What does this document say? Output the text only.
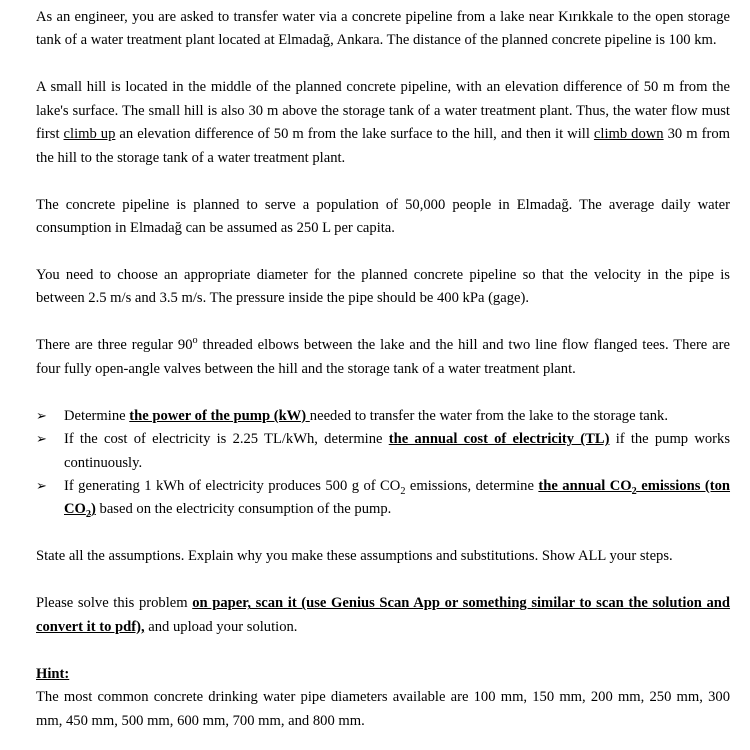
As an engineer, you are asked to transfer water via a concrete pipeline from a lake near Kırıkkale to the open storage tank of a water treatment plant located at Elmadağ, Ankara. The distance of the planned concrete pipeline is 100 km.

A small hill is located in the middle of the planned concrete pipeline, with an elevation difference of 50 m from the lake's surface. The small hill is also 30 m above the storage tank of a water treatment plant. Thus, the water flow must first climb up an elevation difference of 50 m from the lake surface to the hill, and then it will climb down 30 m from the hill to the storage tank of a water treatment plant.

The concrete pipeline is planned to serve a population of 50,000 people in Elmadağ. The average daily water consumption in Elmadağ can be assumed as 250 L per capita.

You need to choose an appropriate diameter for the planned concrete pipeline so that the velocity in the pipe is between 2.5 m/s and 3.5 m/s. The pressure inside the pipe should be 400 kPa (gage).

There are three regular 90$^o$ threaded elbows between the lake and the hill and two line flow flanged tees. There are four fully open-angle valves between the hill and the storage tank of a water treatment plant.

➢ Determine the power of the pump (kW) needed to transfer the water from the lake to the storage tank.
➢ If the cost of electricity is 2.25 TL/kWh, determine the annual cost of electricity (TL) if the pump works continuously.
➢ If generating 1 kWh of electricity produces 500 g of $CO_2$ emissions, determine the annual $CO_2$ emissions (ton $CO_2$) based on the electricity consumption of the pump.

State all the assumptions. Explain why you make these assumptions and substitutions. Show ALL your steps.

Please solve this problem on paper, scan it (use Genius Scan App or something similar to scan the solution and convert it to pdf), and upload your solution.

Hint:

The most common concrete drinking water pipe diameters available are 100 mm, 150 mm, 200 mm, 250 mm, 300 mm, 450 mm, 500 mm, 600 mm, 700 mm, and 800 mm.
